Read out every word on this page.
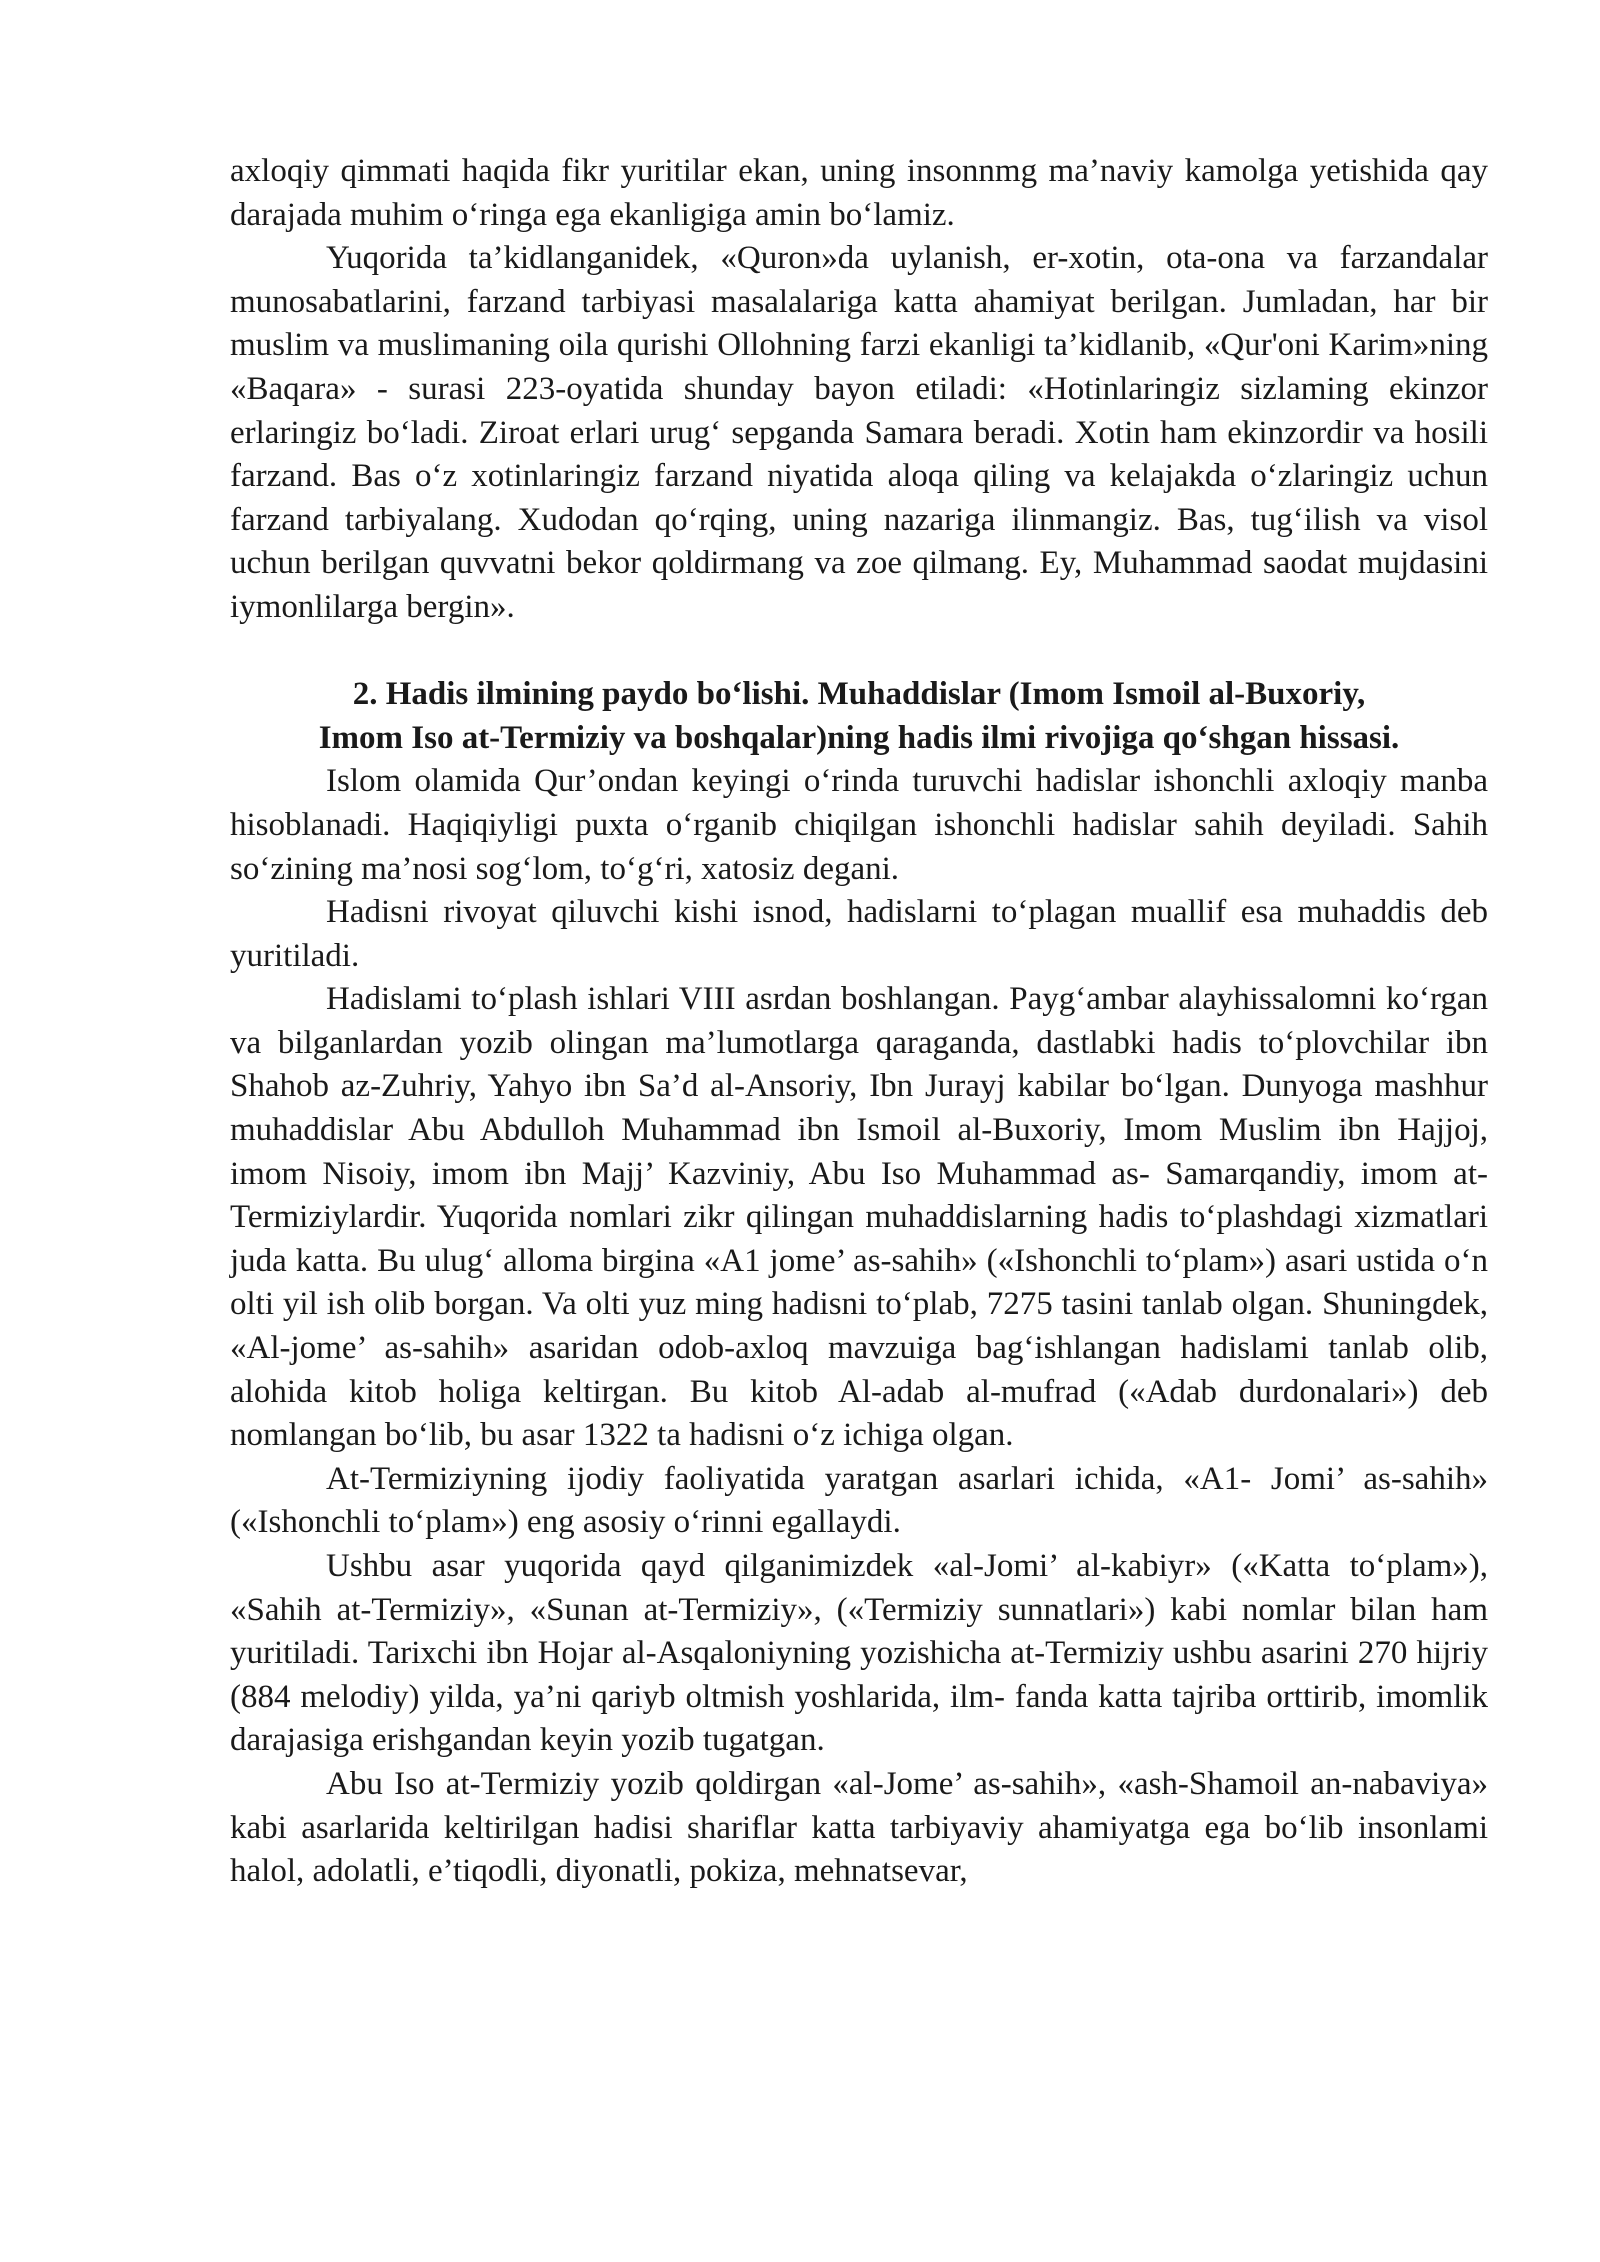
axloqiy qimmati haqida fikr yuritilar ekan, uning insonnmg ma’naviy kamolga yetishida qay darajada muhim o‘ringa ega ekanligiga amin bo‘lamiz.

Yuqorida ta’kidlanganidek, «Quron»da uylanish, er-xotin, ota-ona va farzandalar munosabatlarini, farzand tarbiyasi masalalariga katta ahamiyat berilgan. Jumladan, har bir muslim va muslimaning oila qurishi Ollohning farzi ekanligi ta’kidlanib, «Qur'oni Karim»ning «Baqara» - surasi 223-oyatida shunday bayon etiladi: «Hotinlaringiz sizlaming ekinzor erlaringiz bo‘ladi. Ziroat erlari urug‘ sepganda Samara beradi. Xotin ham ekinzordir va hosili farzand. Bas o‘z xotinlaringiz farzand niyatida aloqa qiling va kelajakda o‘zlaringiz uchun farzand tarbiyalang. Xudodan qo‘rqing, uning nazariga ilinmangiz. Bas, tug‘ilish va visol uchun berilgan quvvatni bekor qoldirmang va zoe qilmang. Ey, Muhammad saodat mujdasini iymonlilarga bergin».

2. Hadis ilmining paydo bo‘lishi. Muhaddislar (Imom Ismoil al-Buxoriy,
Imom Iso at-Termiziy va boshqalar)ning hadis ilmi rivojiga qo‘shgan hissasi.

Islom olamida Qur’ondan keyingi o‘rinda turuvchi hadislar ishonchli axloqiy manba hisoblanadi. Haqiqiyligi puxta o‘rganib chiqilgan ishonchli hadislar sahih deyiladi. Sahih so‘zining ma’nosi sog‘lom, to‘g‘ri, xatosiz degani.

Hadisni rivoyat qiluvchi kishi isnod, hadislarni to‘plagan muallif esa muhaddis deb yuritiladi.

Hadislami to‘plash ishlari VIII asrdan boshlangan. Payg‘ambar alayhissalomni ko‘rgan va bilganlardan yozib olingan ma’lumotlarga qaraganda, dastlabki hadis to‘plovchilar ibn Shahob az-Zuhriy, Yahyo ibn Sa’d al-Ansoriy, Ibn Jurayj kabilar bo‘lgan. Dunyoga mashhur muhaddislar Abu Abdulloh Muhammad ibn Ismoil al-Buxoriy, Imom Muslim ibn Hajjoj, imom Nisoiy, imom ibn Majj’ Kazviniy, Abu Iso Muhammad as- Samarqandiy, imom at-Termiziylardir. Yuqorida nomlari zikr qilingan muhaddislarning hadis to‘plashdagi xizmatlari juda katta. Bu ulug‘ alloma birgina «A1 jome’ as-sahih» («Ishonchli to‘plam») asari ustida o‘n olti yil ish olib borgan. Va olti yuz ming hadisni to‘plab, 7275 tasini tanlab olgan. Shuningdek, «Al-jome’ as-sahih» asaridan odob-axloq mavzuiga bag‘ishlangan hadislami tanlab olib, alohida kitob holiga keltirgan. Bu kitob Al-adab al-mufrad («Adab durdonalari») deb nomlangan bo‘lib, bu asar 1322 ta hadisni o‘z ichiga olgan.

At-Termiziyning ijodiy faoliyatida yaratgan asarlari ichida, «A1- Jomi’ as-sahih» («Ishonchli to‘plam») eng asosiy o‘rinni egallaydi.

Ushbu asar yuqorida qayd qilganimizdek «al-Jomi’ al-kabiyr» («Katta to‘plam»), «Sahih at-Termiziy», «Sunan at-Termiziy», («Termiziy sunnatlari») kabi nomlar bilan ham yuritiladi. Tarixchi ibn Hojar al-Asqaloniyning yozishicha at-Termiziy ushbu asarini 270 hijriy (884 melodiy) yilda, ya’ni qariyb oltmish yoshlarida, ilm- fanda katta tajriba orttirib, imomlik darajasiga erishgandan keyin yozib tugatgan.

Abu Iso at-Termiziy yozib qoldirgan «al-Jome’ as-sahih», «ash-Shamoil an-nabaviya» kabi asarlarida keltirilgan hadisi shariflar katta tarbiyaviy ahamiyatga ega bo‘lib insonlami halol, adolatli, e’tiqodli, diyonatli, pokiza, mehnatsevar,
